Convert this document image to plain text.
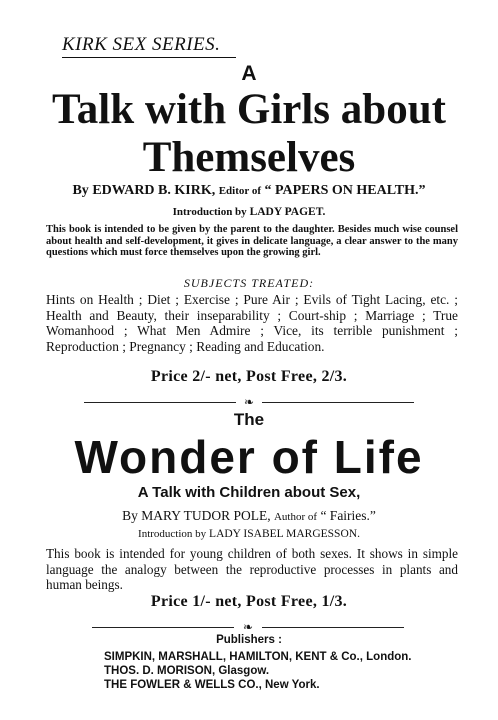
KIRK SEX SERIES.
A
Talk with Girls about
Themselves
By EDWARD B. KIRK, Editor of “ PAPERS ON HEALTH.”
Introduction by LADY PAGET.
This book is intended to be given by the parent to the daughter. Besides much wise counsel about health and self-development, it gives in delicate language, a clear answer to the many questions which must force themselves upon the growing girl.
SUBJECTS TREATED:
Hints on Health ; Diet ; Exercise ; Pure Air ; Evils of Tight Lacing, etc. ; Health and Beauty, their inseparability ; Court-ship ; Marriage ; True Womanhood ; What Men Admire ; Vice, its terrible punishment ; Reproduction ; Pregnancy ; Reading and Education.
Price 2/- net, Post Free, 2/3.
❧
The
Wonder of Life
A Talk with Children about Sex,
By MARY TUDOR POLE, Author of “ Fairies.”
Introduction by LADY ISABEL MARGESSON.
This book is intended for young children of both sexes. It shows in simple language the analogy between the reproductive processes in plants and human beings.
Price 1/- net, Post Free, 1/3.
❧
Publishers :
SIMPKIN, MARSHALL, HAMILTON, KENT & Co., London.
THOS. D. MORISON, Glasgow.
THE FOWLER & WELLS CO., New York.
